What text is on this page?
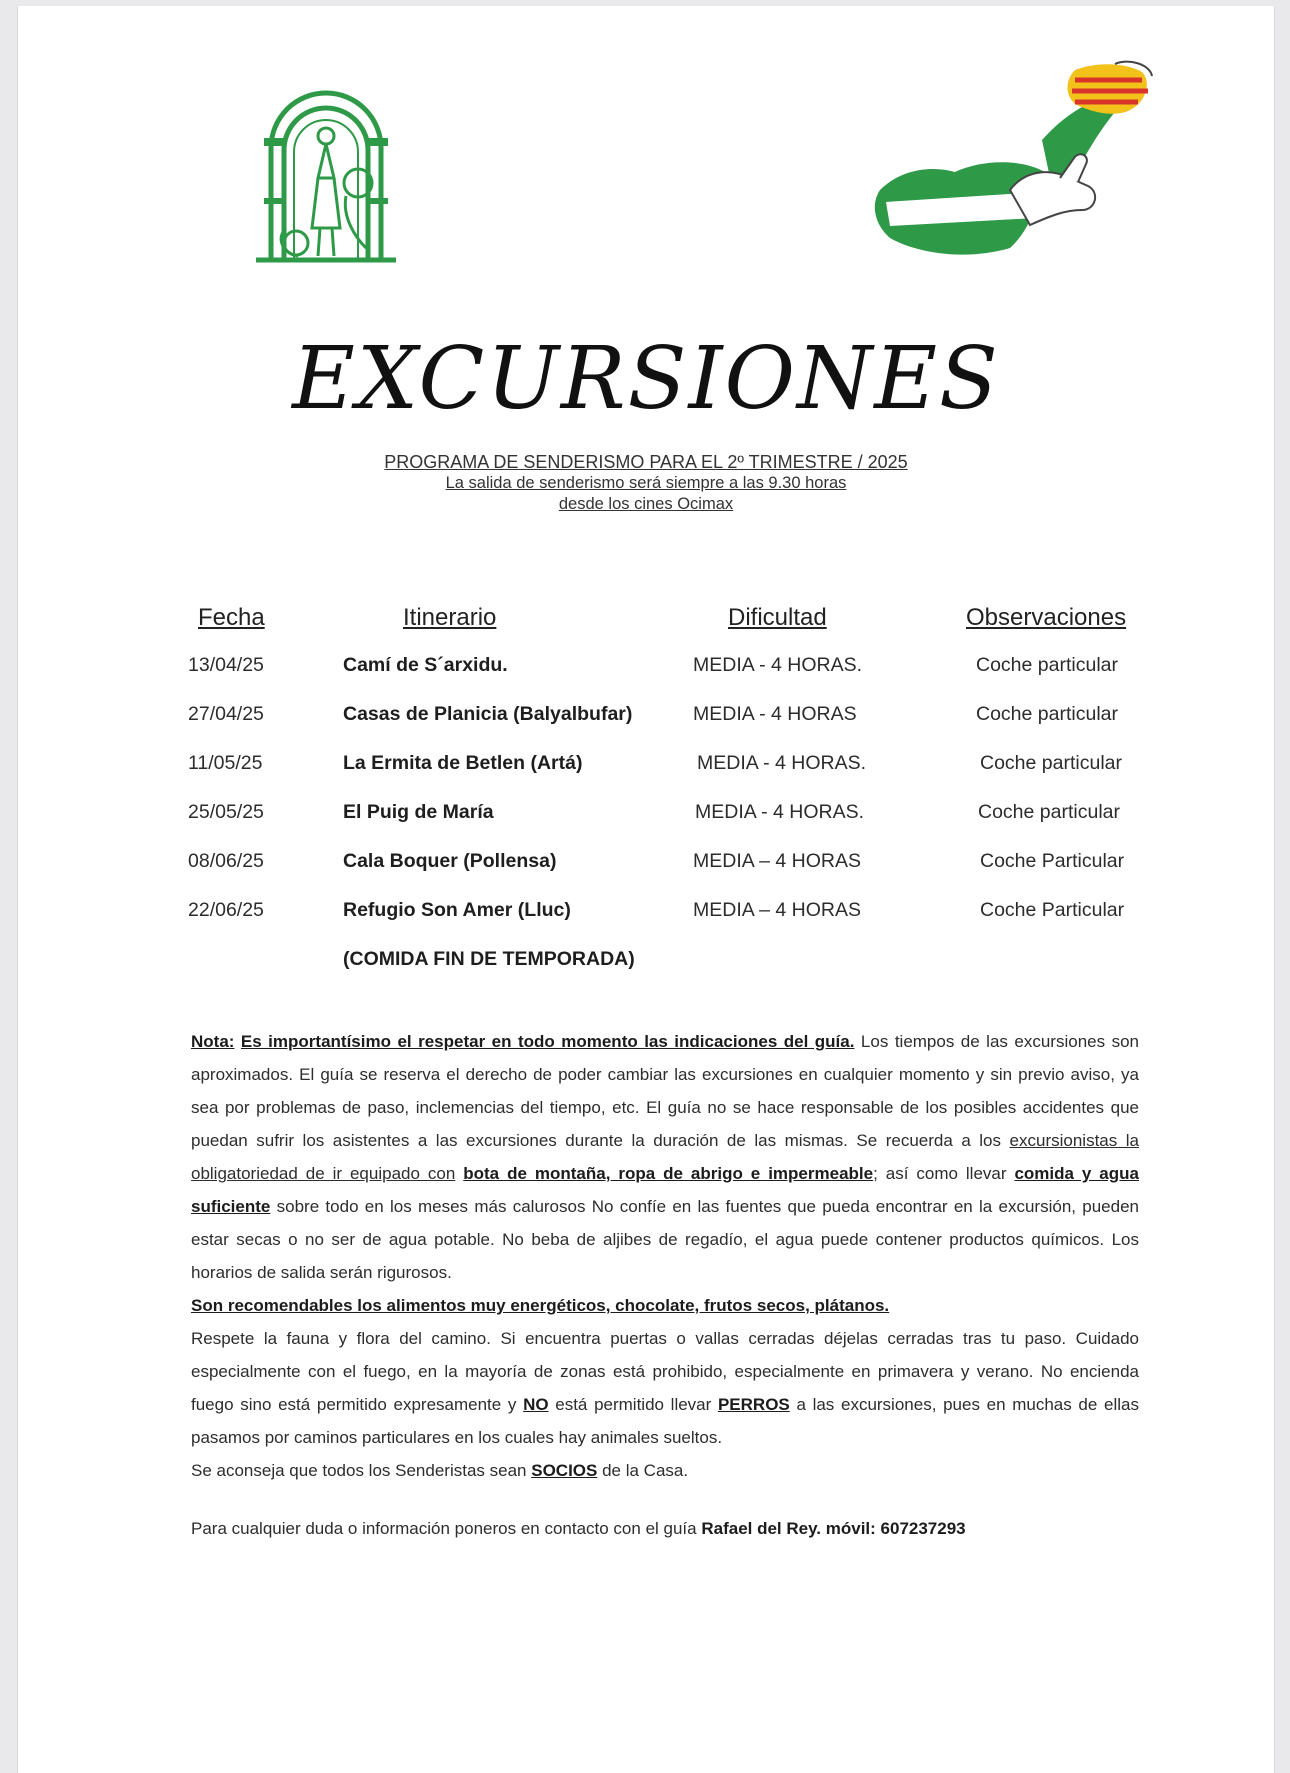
EXCURSIONES
PROGRAMA DE SENDERISMO PARA EL 2º TRIMESTRE / 2025
La salida de senderismo será siempre a las 9.30 horas
desde los cines Ocimax
Fecha	Itinerario	Dificultad	Observaciones
13/04/25	Camí de S´arxidu.	MEDIA - 4 HORAS.	Coche particular
27/04/25	Casas de Planicia (Balyalbufar)	MEDIA - 4 HORAS	Coche particular
11/05/25	La Ermita de Betlen (Artá)	MEDIA - 4 HORAS.	Coche particular
25/05/25	El Puig de María	MEDIA - 4 HORAS.	Coche particular
08/06/25	Cala Boquer (Pollensa)	MEDIA – 4 HORAS	Coche Particular
22/06/25	Refugio Son Amer (Lluc)	MEDIA – 4 HORAS	Coche Particular
(COMIDA FIN DE TEMPORADA)
Nota: Es importantísimo el respetar en todo momento las indicaciones del guía. Los tiempos de las excursiones son aproximados. El guía se reserva el derecho de poder cambiar las excursiones en cualquier momento y sin previo aviso, ya sea por problemas de paso, inclemencias del tiempo, etc. El guía no se hace responsable de los posibles accidentes que puedan sufrir los asistentes a las excursiones durante la duración de las mismas. Se recuerda a los excursionistas la obligatoriedad de ir equipado con bota de montaña, ropa de abrigo e impermeable; así como llevar comida y agua suficiente sobre todo en los meses más calurosos No confíe en las fuentes que pueda encontrar en la excursión, pueden estar secas o no ser de agua potable. No beba de aljibes de regadío, el agua puede contener productos químicos. Los horarios de salida serán rigurosos.
Son recomendables los alimentos muy energéticos, chocolate, frutos secos, plátanos.
Respete la fauna y flora del camino. Si encuentra puertas o vallas cerradas déjelas cerradas tras tu paso. Cuidado especialmente con el fuego, en la mayoría de zonas está prohibido, especialmente en primavera y verano. No encienda fuego sino está permitido expresamente y NO está permitido llevar PERROS a las excursiones, pues en muchas de ellas pasamos por caminos particulares en los cuales hay animales sueltos.
Se aconseja que todos los Senderistas sean SOCIOS de la Casa.
Para cualquier duda o información poneros en contacto con el guía Rafael del Rey. móvil: 607237293
